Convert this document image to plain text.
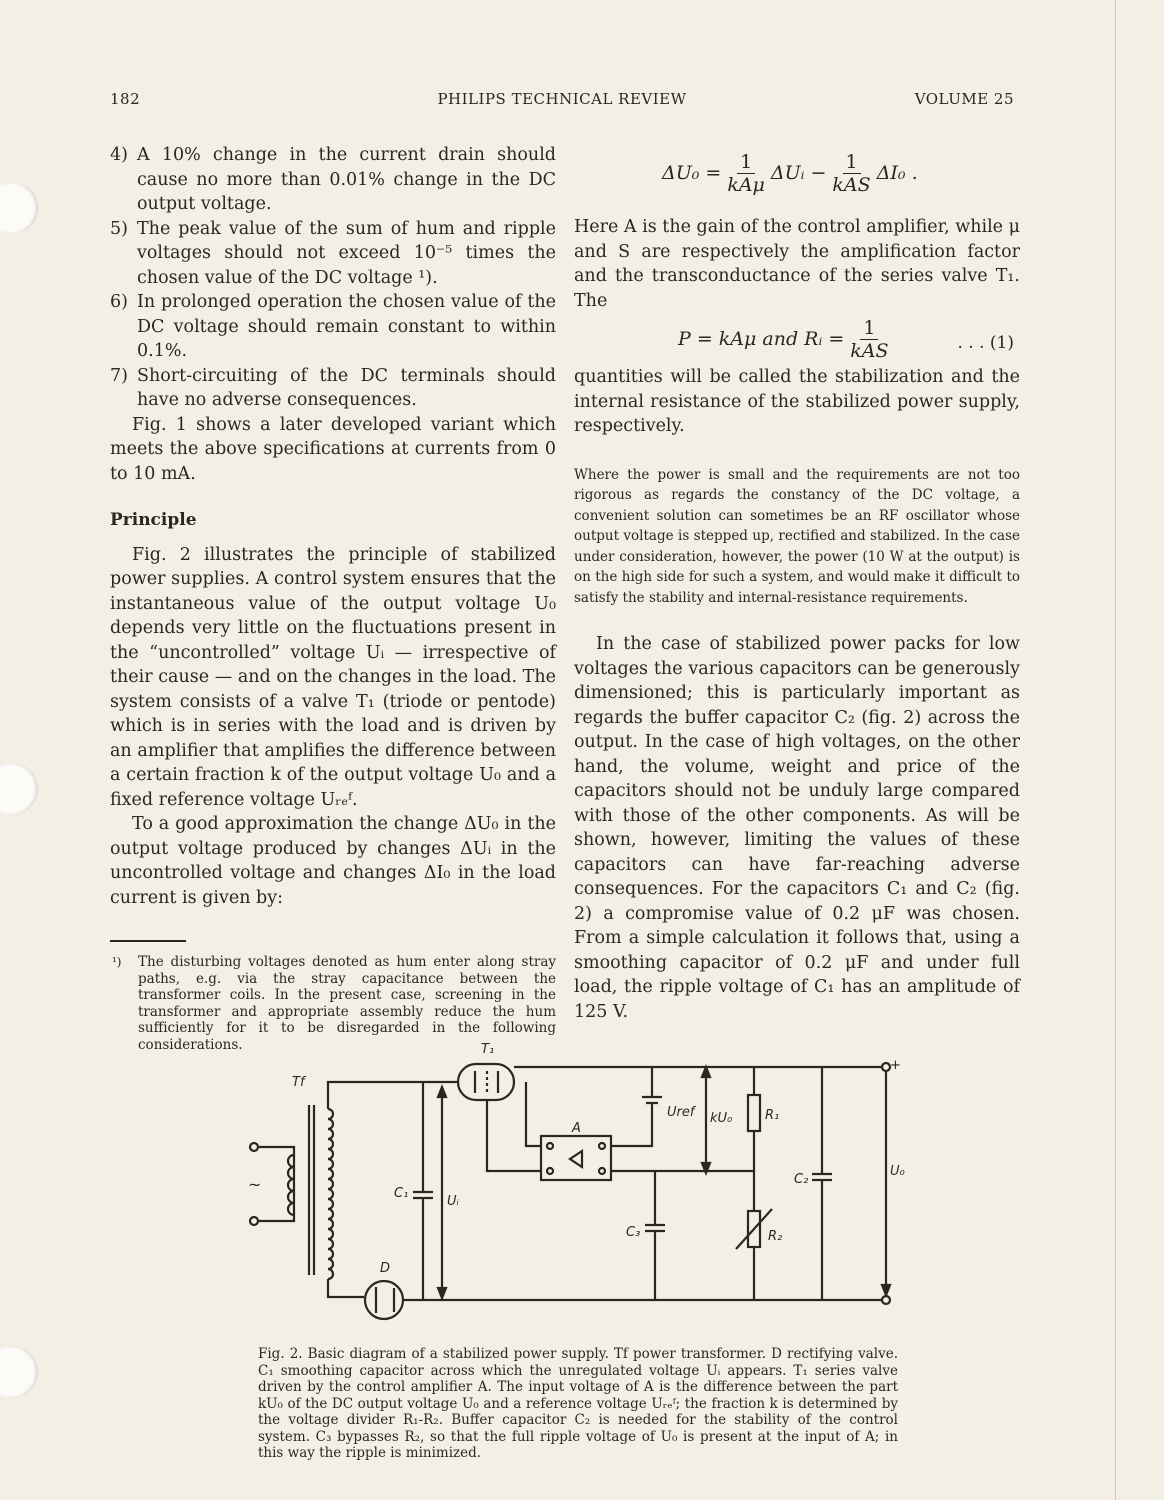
182	PHILIPS TECHNICAL REVIEW	VOLUME 25
4) A 10% change in the current drain should cause no more than 0.01% change in the DC output voltage.
5) The peak value of the sum of hum and ripple voltages should not exceed 10⁻⁵ times the chosen value of the DC voltage ¹).
6) In prolonged operation the chosen value of the DC voltage should remain constant to within 0.1%.
7) Short-circuiting of the DC terminals should have no adverse consequences.

Fig. 1 shows a later developed variant which meets the above specifications at currents from 0 to 10 mA.

Principle

Fig. 2 illustrates the principle of stabilized power supplies. A control system ensures that the instantaneous value of the output voltage U₀ depends very little on the fluctuations present in the “uncontrolled” voltage Uᵢ — irrespective of their cause — and on the changes in the load. The system consists of a valve T₁ (triode or pentode) which is in series with the load and is driven by an amplifier that amplifies the difference between a certain fraction k of the output voltage U₀ and a fixed reference voltage Uᵣₑᶠ.

To a good approximation the change ΔU₀ in the output voltage produced by changes ΔUᵢ in the uncontrolled voltage and changes ΔI₀ in the load current is given by:

¹) The disturbing voltages denoted as hum enter along stray paths, e.g. via the stray capacitance between the transformer coils. In the present case, screening in the transformer and appropriate assembly reduce the hum sufficiently for it to be disregarded in the following considerations.
$\Delta U_0 = \frac{1}{\text{kAμ}}$ ΔUᵢ − $\frac{1}{\text{kAS}} \Delta I_0$ .

Here A is the gain of the control amplifier, while μ and S are respectively the amplification factor and the transconductance of the series valve T₁. The

P = kAμ and Rᵢ = $\frac{1}{\text{kAS}}$	. . . (1)

quantities will be called the stabilization and the internal resistance of the stabilized power supply, respectively.

Where the power is small and the requirements are not too rigorous as regards the constancy of the DC voltage, a convenient solution can sometimes be an RF oscillator whose output voltage is stepped up, rectified and stabilized. In the case under consideration, however, the power (10 W at the output) is on the high side for such a system, and would make it difficult to satisfy the stability and internal-resistance requirements.

In the case of stabilized power packs for low voltages the various capacitors can be generously dimensioned; this is particularly important as regards the buffer capacitor C₂ (fig. 2) across the output. In the case of high voltages, on the other hand, the volume, weight and price of the capacitors should not be unduly large compared with those of the other components. As will be shown, however, limiting the values of these capacitors can have far-reaching adverse consequences. For the capacitors C₁ and C₂ (fig. 2) a compromise value of 0.2 μF was chosen. From a simple calculation it follows that, using a smoothing capacitor of 0.2 μF and under full load, the ripple voltage of C₁ has an amplitude of 125 V.

Tf
T₁
A
Uref kU₀	R₁
R₂
C₁
C₂
C₃
Uᵢ
U₀
D
~
+
Fig. 2. Basic diagram of a stabilized power supply. Tf power transformer. D rectifying valve. C₁ smoothing capacitor across which the unregulated voltage Uᵢ appears. T₁ series valve driven by the control amplifier A. The input voltage of A is the difference between the part kU₀ of the DC output voltage U₀ and a reference voltage Uᵣₑᶠ; the fraction k is determined by the voltage divider R₁-R₂. Buffer capacitor C₂ is needed for the stability of the control system. C₃ bypasses R₂, so that the full ripple voltage of U₀ is present at the input of A; in this way the ripple is minimized.
